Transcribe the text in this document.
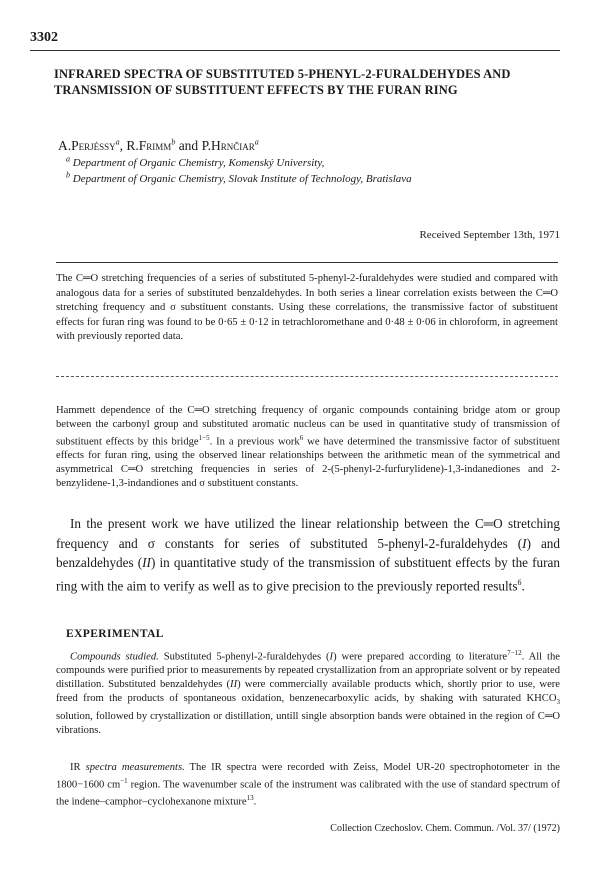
3302
INFRARED SPECTRA OF SUBSTITUTED 5-PHENYL-2-FURALDEHYDES AND TRANSMISSION OF SUBSTITUENT EFFECTS BY THE FURAN RING
A.Perjéssy$^a$, R.Frimm$^b$ and P.Hrnčiar$^a$
$^a$ Department of Organic Chemistry, Komenský University,
$^b$ Department of Organic Chemistry, Slovak Institute of Technology, Bratislava
Received September 13th, 1971
The C═O stretching frequencies of a series of substituted 5-phenyl-2-furaldehydes were studied and compared with analogous data for a series of substituted benzaldehydes. In both series a linear correlation exists between the C═O stretching frequency and σ substituent constants. Using these correlations, the transmissive factor of substituent effects for furan ring was found to be 0·65 ± 0·12 in tetrachloromethane and 0·48 ± 0·06 in chloroform, in agreement with previously reported data.
Hammett dependence of the C═O stretching frequency of organic compounds containing bridge atom or group between the carbonyl group and substituted aromatic nucleus can be used in quantitative study of transmission of substituent effects by this bridge$^{1-5}$. In a previous work$^6$ we have determined the transmissive factor of substituent effects for furan ring, using the observed linear relationships between the arithmetic mean of the symmetrical and asymmetrical C═O stretching frequencies in series of 2-(5-phenyl-2-furfurylidene)-1,3-indanediones and 2-benzylidene-1,3-indandiones and σ substituent constants.
In the present work we have utilized the linear relationship between the C═O stretching frequency and σ constants for series of substituted 5-phenyl-2-furaldehydes (I) and benzaldehydes (II) in quantitative study of the transmission of substituent effects by the furan ring with the aim to verify as well as to give precision to the previously reported results$^6$.
EXPERIMENTAL
Compounds studied. Substituted 5-phenyl-2-furaldehydes (I) were prepared according to literature$^{7-12}$. All the compounds were purified prior to measurements by repeated crystallization from an appropriate solvent or by repeated distillation. Substituted benzaldehydes (II) were commercially available products which, shortly prior to use, were freed from the products of spontaneous oxidation, benzenecarboxylic acids, by shaking with saturated $KHCO_3$ solution, followed by crystallization or distillation, untill single absorption bands were obtained in the region of C═O vibrations.
IR spectra measurements. The IR spectra were recorded with Zeiss, Model UR-20 spectrophotometer in the 1800−1600 $cm^{-1}$ region. The wavenumber scale of the instrument was calibrated with the use of standard spectrum of the indene–camphor–cyclohexanone mixture$^{13}$.
Collection Czechoslov. Chem. Commun. /Vol. 37/ (1972)
